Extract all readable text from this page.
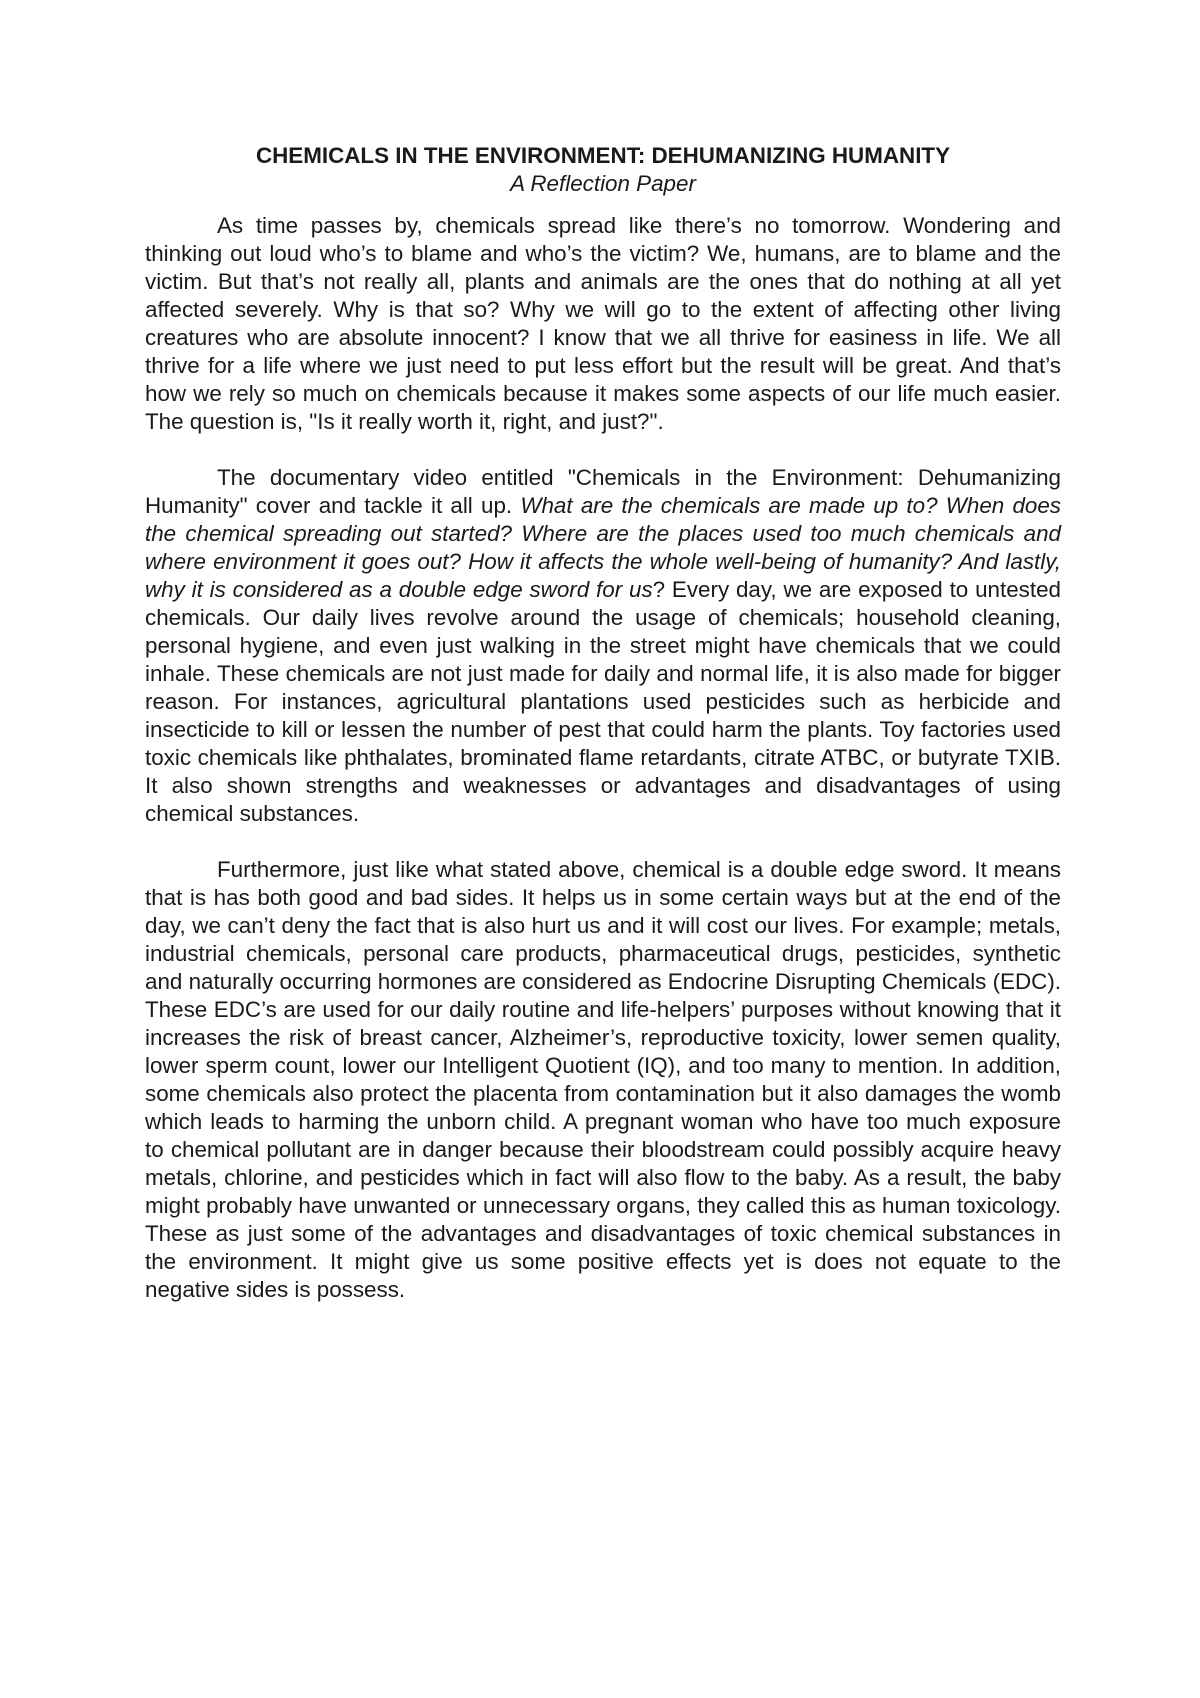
CHEMICALS IN THE ENVIRONMENT: DEHUMANIZING HUMANITY

A Reflection Paper

As time passes by, chemicals spread like there’s no tomorrow. Wondering and thinking out loud who’s to blame and who’s the victim? We, humans, are to blame and the victim. But that’s not really all, plants and animals are the ones that do nothing at all yet affected severely. Why is that so? Why we will go to the extent of affecting other living creatures who are absolute innocent? I know that we all thrive for easiness in life. We all thrive for a life where we just need to put less effort but the result will be great. And that’s how we rely so much on chemicals because it makes some aspects of our life much easier. The question is, "Is it really worth it, right, and just?".

The documentary video entitled "Chemicals in the Environment: Dehumanizing Humanity" cover and tackle it all up. What are the chemicals are made up to? When does the chemical spreading out started? Where are the places used too much chemicals and where environment it goes out? How it affects the whole well-being of humanity? And lastly, why it is considered as a double edge sword for us? Every day, we are exposed to untested chemicals. Our daily lives revolve around the usage of chemicals; household cleaning, personal hygiene, and even just walking in the street might have chemicals that we could inhale. These chemicals are not just made for daily and normal life, it is also made for bigger reason. For instances, agricultural plantations used pesticides such as herbicide and insecticide to kill or lessen the number of pest that could harm the plants. Toy factories used toxic chemicals like phthalates, brominated flame retardants, citrate ATBC, or butyrate TXIB. It also shown strengths and weaknesses or advantages and disadvantages of using chemical substances.

Furthermore, just like what stated above, chemical is a double edge sword. It means that is has both good and bad sides. It helps us in some certain ways but at the end of the day, we can’t deny the fact that is also hurt us and it will cost our lives. For example; metals, industrial chemicals, personal care products, pharmaceutical drugs, pesticides, synthetic and naturally occurring hormones are considered as Endocrine Disrupting Chemicals (EDC). These EDC’s are used for our daily routine and life-helpers’ purposes without knowing that it increases the risk of breast cancer, Alzheimer’s, reproductive toxicity, lower semen quality, lower sperm count, lower our Intelligent Quotient (IQ), and too many to mention. In addition, some chemicals also protect the placenta from contamination but it also damages the womb which leads to harming the unborn child. A pregnant woman who have too much exposure to chemical pollutant are in danger because their bloodstream could possibly acquire heavy metals, chlorine, and pesticides which in fact will also flow to the baby. As a result, the baby might probably have unwanted or unnecessary organs, they called this as human toxicology. These as just some of the advantages and disadvantages of toxic chemical substances in the environment. It might give us some positive effects yet is does not equate to the negative sides is possess.
